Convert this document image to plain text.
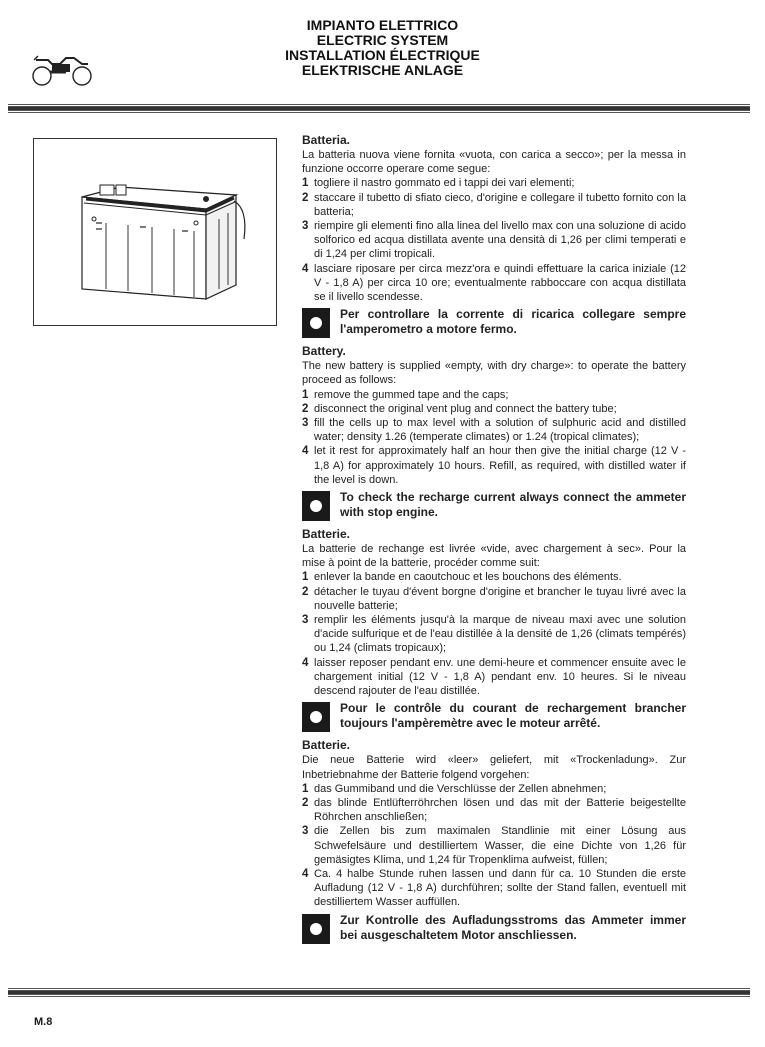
IMPIANTO ELETTRICO
ELECTRIC SYSTEM
INSTALLATION ÉLECTRIQUE
ELEKTRISCHE ANLAGE

Batteria.

La batteria nuova viene fornita «vuota, con carica a secco»; per la messa in funzione occorre operare come segue:

1 togliere il nastro gommato ed i tappi dei vari elementi;
2 staccare il tubetto di sfiato cieco, d'origine e collegare il tubetto fornito con la batteria;
3 riempire gli elementi fino alla linea del livello max con una soluzione di acido solforico ed acqua distillata avente una densità di 1,26 per climi temperati e di 1,24 per climi tropicali.
4 lasciare riposare per circa mezz'ora e quindi effettuare la carica iniziale (12 V - 1,8 A) per circa 10 ore; eventualmente rabboccare con acqua distillata se il livello scendesse.
Per controllare la corrente di ricarica collegare sempre l'amperometro a motore fermo.

Battery.

The new battery is supplied «empty, with dry charge»: to operate the battery proceed as follows:

1 remove the gummed tape and the caps;
2 disconnect the original vent plug and connect the battery tube;
3 fill the cells up to max level with a solution of sulphuric acid and distilled water; density 1.26 (temperate climates) or 1.24 (tropical climates);
4 let it rest for approximately half an hour then give the initial charge (12 V - 1,8 A) for approximately 10 hours. Refill, as required, with distilled water if the level is down.
To check the recharge current always connect the ammeter with stop engine.

Batterie.

La batterie de rechange est livrée «vide, avec chargement à sec». Pour la mise à point de la batterie, procéder comme suit:

1 enlever la bande en caoutchouc et les bouchons des éléments.
2 détacher le tuyau d'évent borgne d'origine et brancher le tuyau livré avec la nouvelle batterie;
3 remplir les éléments jusqu'à la marque de niveau maxi avec une solution d'acide sulfurique et de l'eau distillée à la densité de 1,26 (climats tempérés) ou 1,24 (climats tropicaux);
4 laisser reposer pendant env. une demi-heure et commencer ensuite avec le chargement initial (12 V - 1,8 A) pendant env. 10 heures. Si le niveau descend rajouter de l'eau distillée.
Pour le contrôle du courant de rechargement brancher toujours l'ampèremètre avec le moteur arrêté.

Batterie.

Die neue Batterie wird «leer» geliefert, mit «Trockenladung». Zur Inbetriebnahme der Batterie folgend vorgehen:

1 das Gummiband und die Verschlüsse der Zellen abnehmen;
2 das blinde Entlüfterröhrchen lösen und das mit der Batterie beigestellte Röhrchen anschließen;
3 die Zellen bis zum maximalen Standlinie mit einer Lösung aus Schwefelsäure und destilliertem Wasser, die eine Dichte von 1,26 für gemäsigtes Klima, und 1,24 für Tropenklima aufweist, füllen;
4 Ca. 4 halbe Stunde ruhen lassen und dann für ca. 10 Stunden die erste Aufladung (12 V - 1,8 A) durchführen; sollte der Stand fallen, eventuell mit destilliertem Wasser auffüllen.
Zur Kontrolle des Aufladungsstroms das Ammeter immer bei ausgeschaltetem Motor anschliessen.
M.8
